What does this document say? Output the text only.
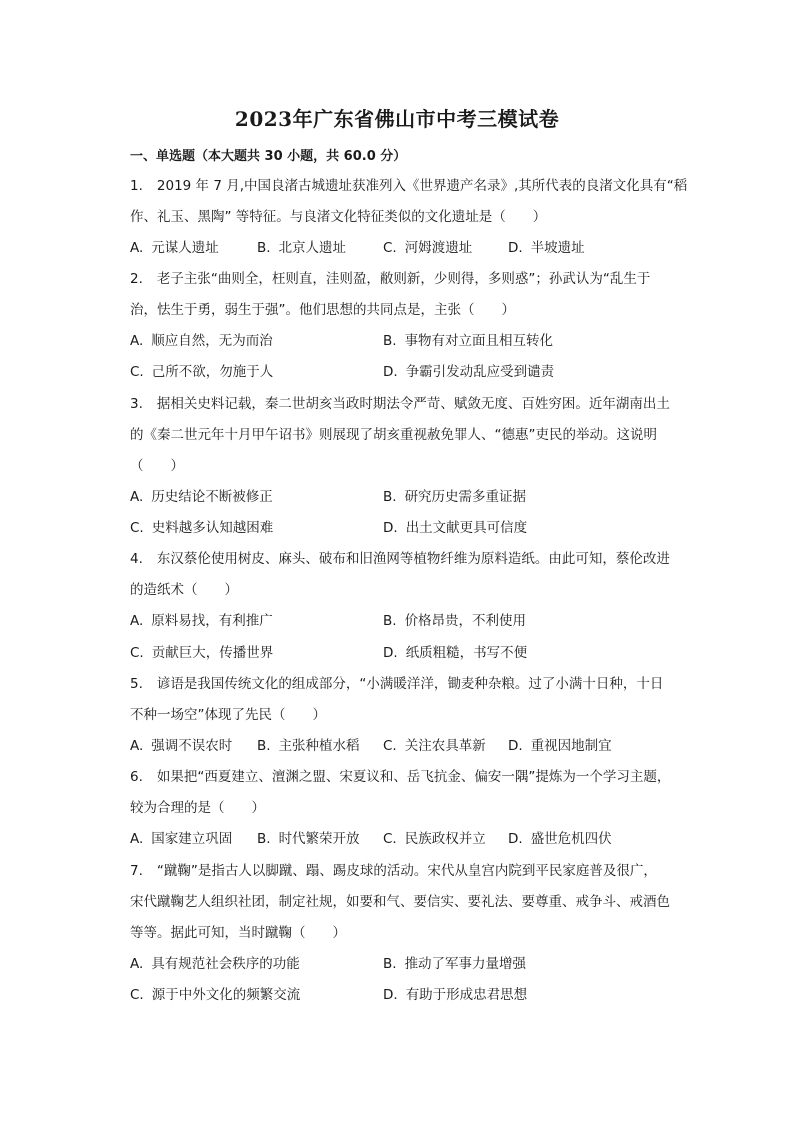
2023年广东省佛山市中考三模试卷
一、单选题（本大题共 30 小题，共 60.0 分）
1. 2019 年 7 月,中国良渚古城遗址获准列入《世界遗产名录》,其所代表的良渚文化具有“稻
作、礼玉、黑陶” 等特征。与良渚文化特征类似的文化遗址是（　　）
A. 元谋人遗址	B. 北京人遗址	C. 河姆渡遗址	D. 半坡遗址
2. 老子主张“曲则全，枉则直，洼则盈，敝则新，少则得，多则惑”；孙武认为“乱生于
治，怯生于勇，弱生于强”。他们思想的共同点是，主张（　　）
A. 顺应自然，无为而治	B. 事物有对立面且相互转化
C. 己所不欲，勿施于人	D. 争霸引发动乱应受到谴责
3. 据相关史料记载，秦二世胡亥当政时期法令严苛、赋敛无度、百姓穷困。近年湖南出土
的《秦二世元年十月甲午诏书》则展现了胡亥重视赦免罪人、“德惠”吏民的举动。这说明
（　　）
A. 历史结论不断被修正	B. 研究历史需多重证据
C. 史料越多认知越困难	D. 出土文献更具可信度
4. 东汉蔡伦使用树皮、麻头、破布和旧渔网等植物纤维为原料造纸。由此可知，蔡伦改进
的造纸术（　　）
A. 原料易找，有利推广	B. 价格昂贵，不利使用
C. 贡献巨大，传播世界	D. 纸质粗糙，书写不便
5. 谚语是我国传统文化的组成部分，“小满暖洋洋，锄麦种杂粮。过了小满十日种，十日
不种一场空”体现了先民（　　）
A. 强调不误农时 B. 主张种植水稻 C. 关注农具革新 D. 重视因地制宜
6. 如果把“西夏建立、澶渊之盟、宋夏议和、岳飞抗金、偏安一隅”提炼为一个学习主题，
较为合理的是（　　）
A. 国家建立巩固 B. 时代繁荣开放 C. 民族政权并立 D. 盛世危机四伏
7. “蹴鞠”是指古人以脚蹴、蹋、踢皮球的活动。宋代从皇宫内院到平民家庭普及很广，
宋代蹴鞠艺人组织社团，制定社规，如要和气、要信实、要礼法、要尊重、戒争斗、戒酒色
等等。据此可知，当时蹴鞠（　　）
A. 具有规范社会秩序的功能	B. 推动了军事力量增强
C. 源于中外文化的频繁交流	D. 有助于形成忠君思想
